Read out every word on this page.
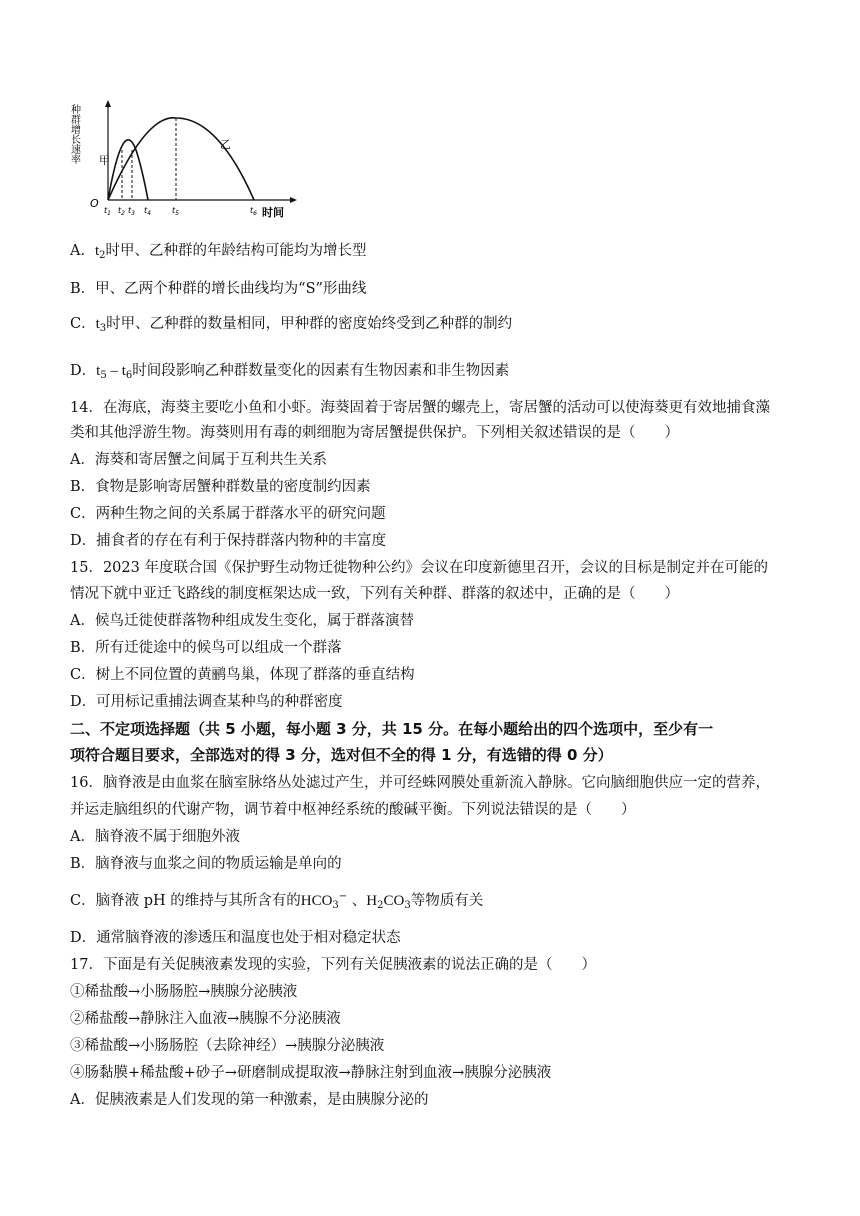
种群增长速率
O
甲
乙
$t_1$ $t_2$ $t_3$ $t_4$	$t_5$	$t_6$ 时间
A．$t_2$时甲、乙种群的年龄结构可能均为增长型
B．甲、乙两个种群的增长曲线均为“S”形曲线
C．$t_3$时甲、乙种群的数量相同，甲种群的密度始终受到乙种群的制约
D．$t_5 - t_6$时间段影响乙种群数量变化的因素有生物因素和非生物因素
14．在海底，海葵主要吃小鱼和小虾。海葵固着于寄居蟹的螺壳上，寄居蟹的活动可以使海葵更有效地捕食藻
类和其他浮游生物。海葵则用有毒的刺细胞为寄居蟹提供保护。下列相关叙述错误的是（　　）
A．海葵和寄居蟹之间属于互利共生关系
B．食物是影响寄居蟹种群数量的密度制约因素
C．两种生物之间的关系属于群落水平的研究问题
D．捕食者的存在有利于保持群落内物种的丰富度
15．2023 年度联合国《保护野生动物迁徙物种公约》会议在印度新德里召开，会议的目标是制定并在可能的
情况下就中亚迁飞路线的制度框架达成一致，下列有关种群、群落的叙述中，正确的是（　　）
A．候鸟迁徙使群落物种组成发生变化，属于群落演替
B．所有迁徙途中的候鸟可以组成一个群落
C．树上不同位置的黄鹂鸟巢，体现了群落的垂直结构
D．可用标记重捕法调查某种鸟的种群密度
二、不定项选择题（共 5 小题，每小题 3 分，共 15 分。在每小题给出的四个选项中，至少有一
项符合题目要求，全部选对的得 3 分，选对但不全的得 1 分，有选错的得 0 分）
16．脑脊液是由血浆在脑室脉络丛处滤过产生，并可经蛛网膜处重新流入静脉。它向脑细胞供应一定的营养，
并运走脑组织的代谢产物，调节着中枢神经系统的酸碱平衡。下列说法错误的是（　　）
A．脑脊液不属于细胞外液
B．脑脊液与血浆之间的物质运输是单向的
C．脑脊液 pH 的维持与其所含有的$HCO_3^-$ 、$H_2CO_3$等物质有关
D．通常脑脊液的渗透压和温度也处于相对稳定状态
17．下面是有关促胰液素发现的实验，下列有关促胰液素的说法正确的是（　　）
①稀盐酸→小肠肠腔→胰腺分泌胰液
②稀盐酸→静脉注入血液→胰腺不分泌胰液
③稀盐酸→小肠肠腔（去除神经）→胰腺分泌胰液
④肠黏膜+稀盐酸+砂子→研磨制成提取液→静脉注射到血液→胰腺分泌胰液
A．促胰液素是人们发现的第一种激素，是由胰腺分泌的
